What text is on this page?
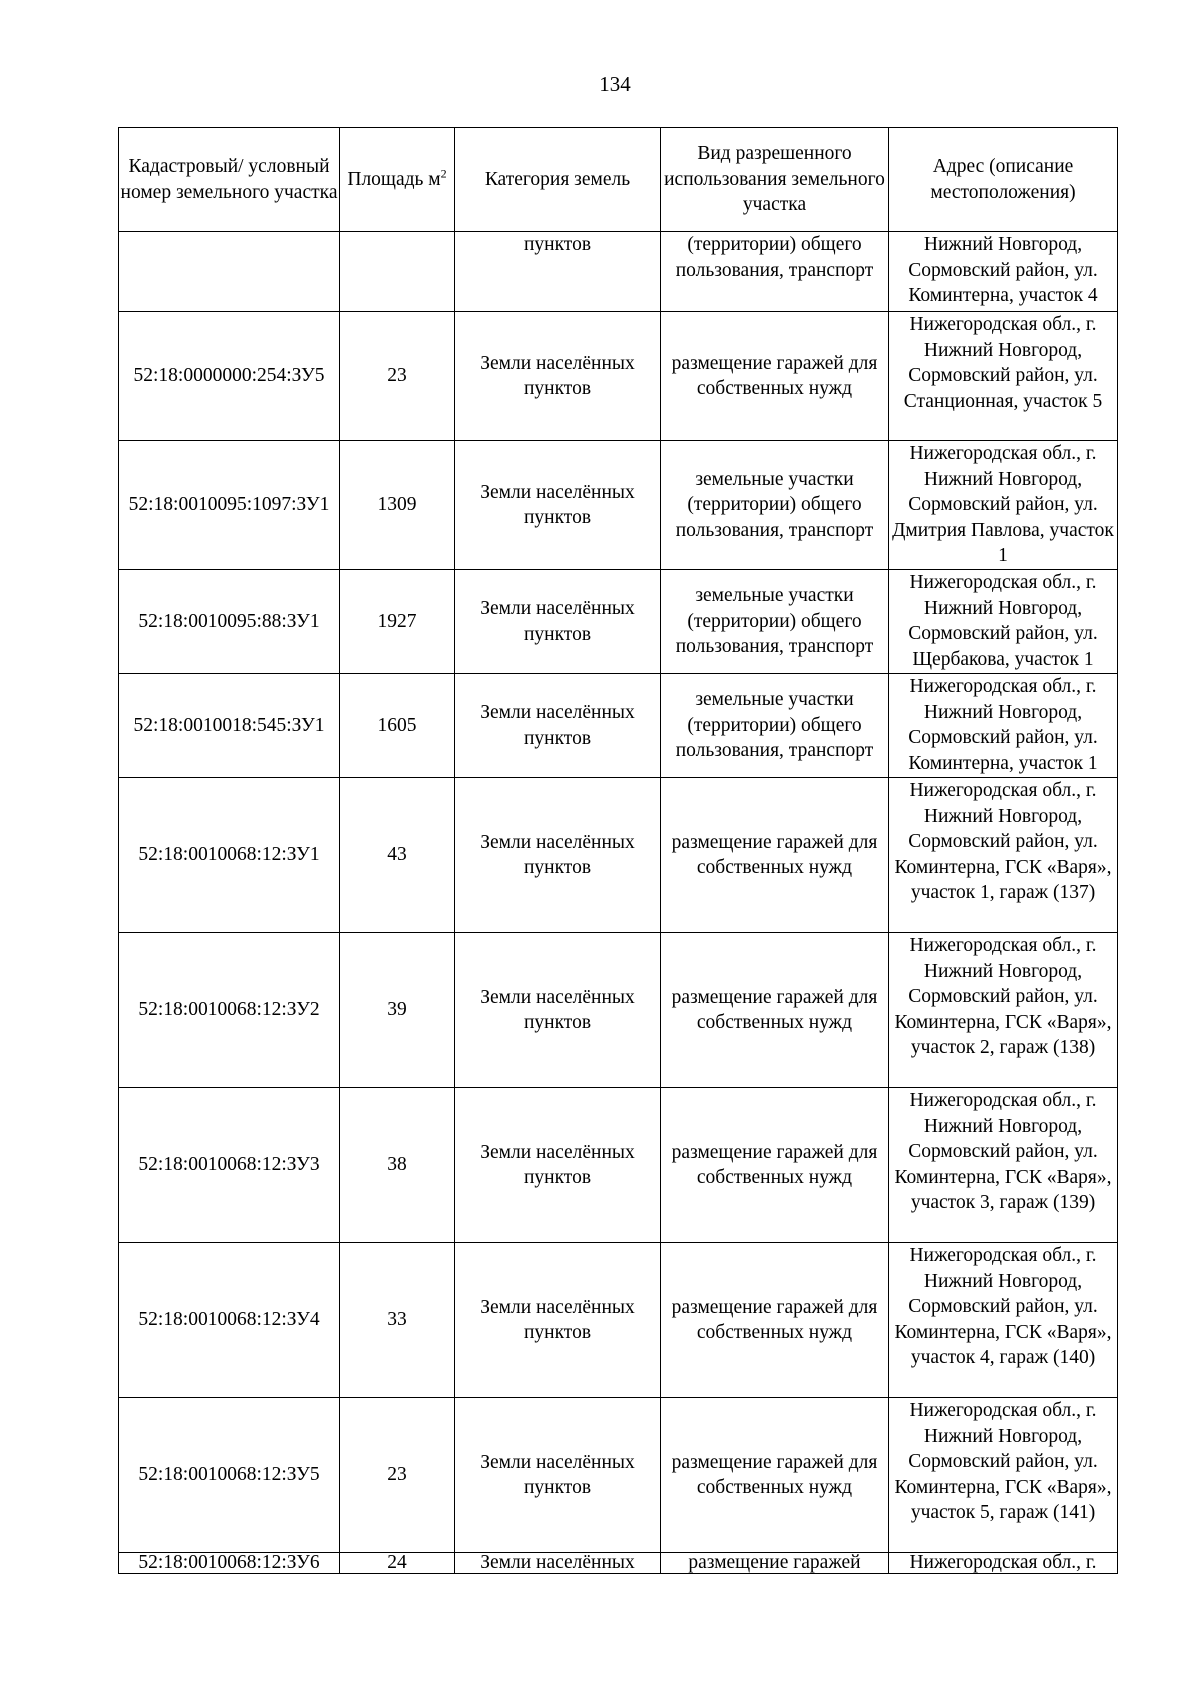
134
Кадастровый/ условный номер земельного участка	Площадь $м^2$	Категория земель	Вид разрешенного использования земельного участка	Адрес (описание местоположения)
		пунктов	(территории) общего пользования, транспорт	Нижний Новгород, Сормовский район, ул. Коминтерна, участок 4
52:18:0000000:254:ЗУ5	23	Земли населённых пунктов	размещение гаражей для собственных нужд	Нижегородская обл., г. Нижний Новгород, Сормовский район, ул. Станционная, участок 5
52:18:0010095:1097:ЗУ1	1309	Земли населённых пунктов	земельные участки (территории) общего пользования, транспорт	Нижегородская обл., г. Нижний Новгород, Сормовский район, ул. Дмитрия Павлова, участок 1
52:18:0010095:88:ЗУ1	1927	Земли населённых пунктов	земельные участки (территории) общего пользования, транспорт	Нижегородская обл., г. Нижний Новгород, Сормовский район, ул. Щербакова, участок 1
52:18:0010018:545:ЗУ1	1605	Земли населённых пунктов	земельные участки (территории) общего пользования, транспорт	Нижегородская обл., г. Нижний Новгород, Сормовский район, ул. Коминтерна, участок 1
52:18:0010068:12:ЗУ1	43	Земли населённых пунктов	размещение гаражей для собственных нужд	Нижегородская обл., г. Нижний Новгород, Сормовский район, ул. Коминтерна, ГСК «Варя», участок 1, гараж (137)
52:18:0010068:12:ЗУ2	39	Земли населённых пунктов	размещение гаражей для собственных нужд	Нижегородская обл., г. Нижний Новгород, Сормовский район, ул. Коминтерна, ГСК «Варя», участок 2, гараж (138)
52:18:0010068:12:ЗУ3	38	Земли населённых пунктов	размещение гаражей для собственных нужд	Нижегородская обл., г. Нижний Новгород, Сормовский район, ул. Коминтерна, ГСК «Варя», участок 3, гараж (139)
52:18:0010068:12:ЗУ4	33	Земли населённых пунктов	размещение гаражей для собственных нужд	Нижегородская обл., г. Нижний Новгород, Сормовский район, ул. Коминтерна, ГСК «Варя», участок 4, гараж (140)
52:18:0010068:12:ЗУ5	23	Земли населённых пунктов	размещение гаражей для собственных нужд	Нижегородская обл., г. Нижний Новгород, Сормовский район, ул. Коминтерна, ГСК «Варя», участок 5, гараж (141)
52:18:0010068:12:ЗУ6	24	Земли населённых	размещение гаражей	Нижегородская обл., г.
